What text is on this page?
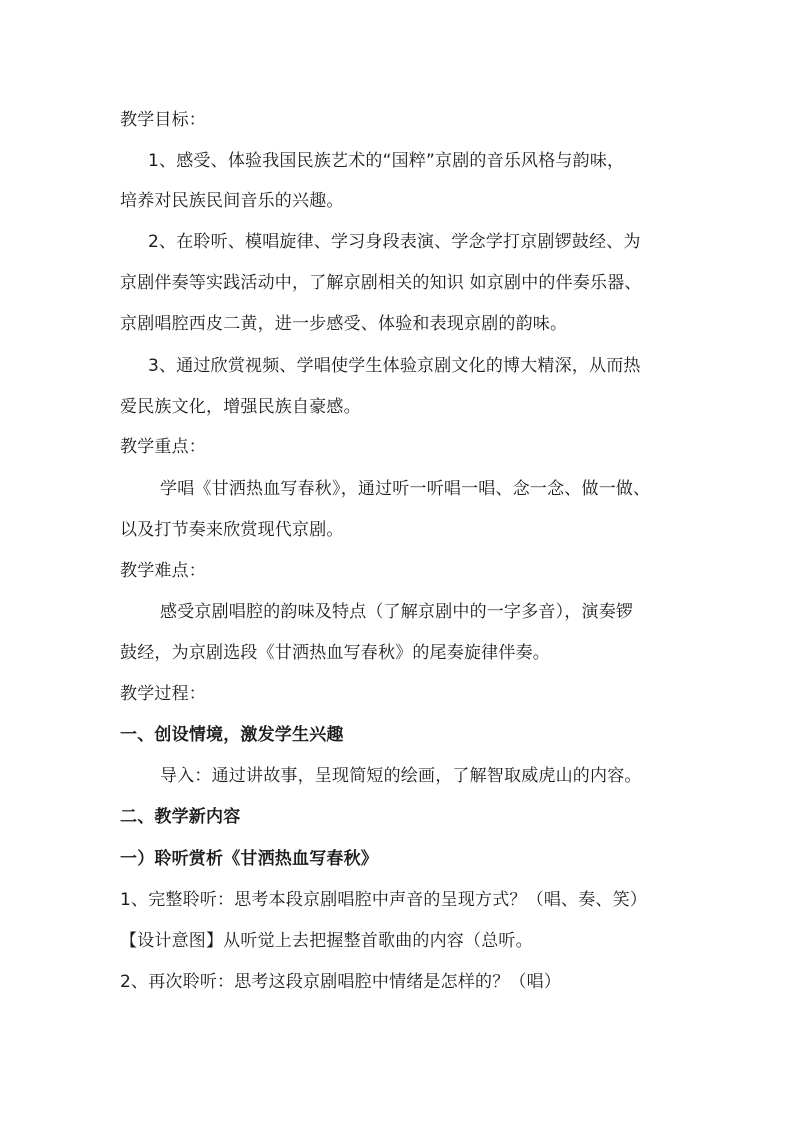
教学目标：
1、感受、体验我国民族艺术的“国粹”京剧的音乐风格与韵味，
培养对民族民间音乐的兴趣。
2、在聆听、模唱旋律、学习身段表演、学念学打京剧锣鼓经、为
京剧伴奏等实践活动中，了解京剧相关的知识 如京剧中的伴奏乐器、
京剧唱腔西皮二黄，进一步感受、体验和表现京剧的韵味。
3、通过欣赏视频、学唱使学生体验京剧文化的博大精深，从而热
爱民族文化，增强民族自豪感。
教学重点：
学唱《甘洒热血写春秋》，通过听一听唱一唱、念一念、做一做、
以及打节奏来欣赏现代京剧。
教学难点：
感受京剧唱腔的韵味及特点（了解京剧中的一字多音），演奏锣
鼓经，为京剧选段《甘洒热血写春秋》的尾奏旋律伴奏。
教学过程：
一、创设情境，激发学生兴趣
导入：通过讲故事，呈现简短的绘画，了解智取威虎山的内容。
二、教学新内容
一）聆听赏析《甘洒热血写春秋》
1、完整聆听：思考本段京剧唱腔中声音的呈现方式？（唱、奏、笑）
【设计意图】从听觉上去把握整首歌曲的内容（总听。
2、再次聆听：思考这段京剧唱腔中情绪是怎样的？（唱）
